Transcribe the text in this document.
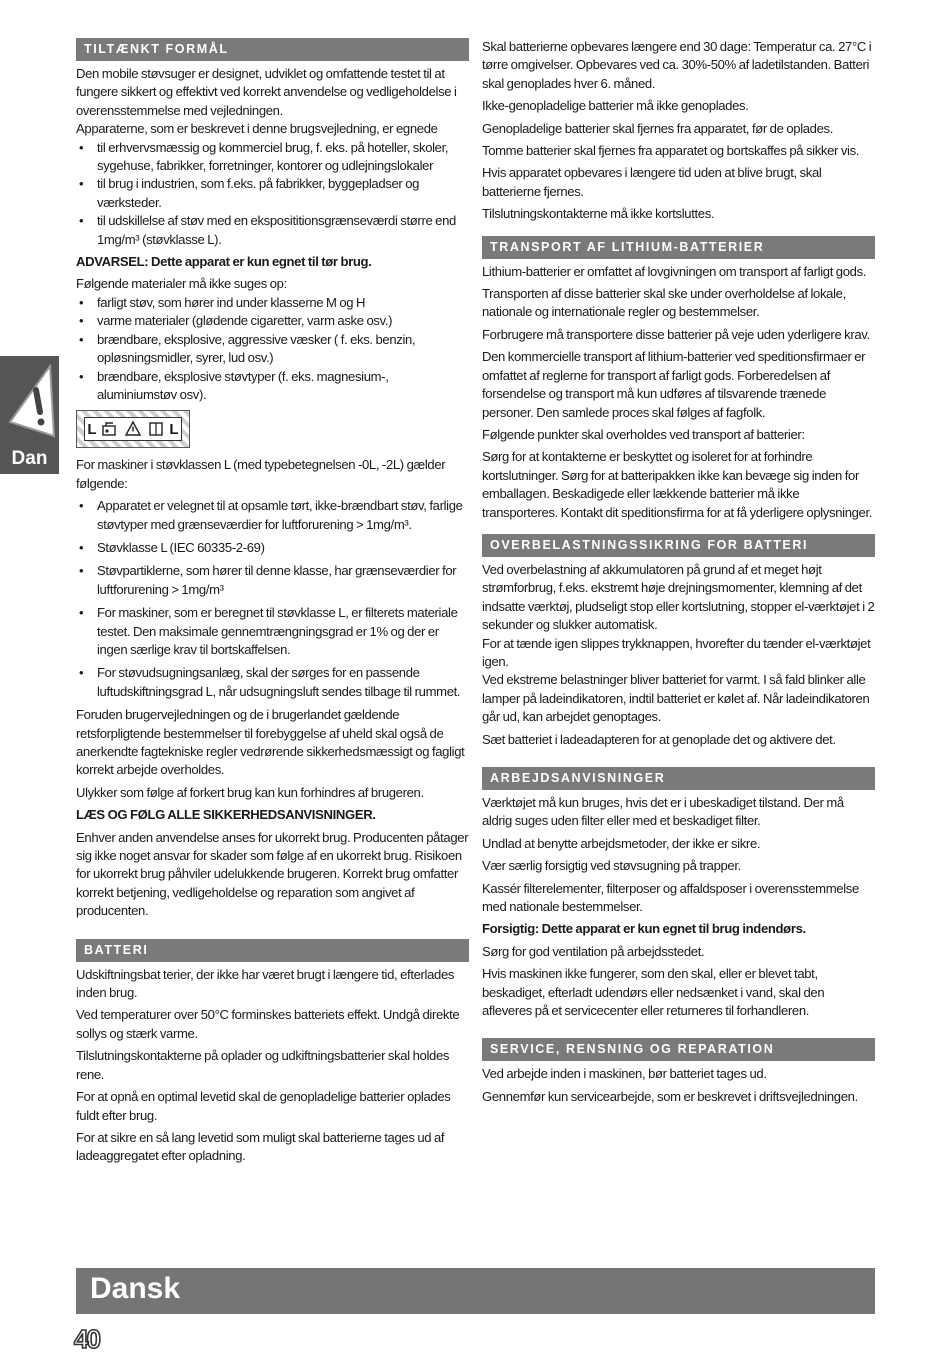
TILTÆNKT FORMÅL

Den mobile støvsuger er designet, udviklet og omfattende testet til at fungere sikkert og effektivt ved korrekt anvendelse og vedligeholdelse i overensstemmelse med vejledningen.

Apparaterne, som er beskrevet i denne brugsvejledning, er egnede

• til erhvervsmæssig og kommerciel brug, f. eks. på hoteller, skoler, sygehuse, fabrikker, forretninger, kontorer og udlejningslokaler
• til brug i industrien, som f.eks. på fabrikker, byggepladser og værksteder.
• til udskillelse af støv med en eksposititionsgrænseværdi større end 1mg/m³ (støvklasse L).

ADVARSEL: Dette apparat er kun egnet til tør brug.

Følgende materialer må ikke suges op:

• farligt støv, som hører ind under klasserne M og H
• varme materialer (glødende cigaretter, varm aske osv.)
• brændbare, eksplosive, aggressive væsker ( f. eks. benzin, opløsningsmidler, syrer, lud osv.)
• brændbare, eksplosive støvtyper (f. eks. magnesium-, aluminiumstøv osv).
L	L

For maskiner i støvklassen L (med typebetegnelsen -0L, -2L) gælder følgende:

• Apparatet er velegnet til at opsamle tørt, ikke-brændbart støv, farlige støvtyper med grænseværdier for luftforurening > 1mg/m³.
• Støvklasse L (IEC 60335-2-69)
• Støvpartiklerne, som hører til denne klasse, har grænseværdier for luftforurening > 1mg/m³
• For maskiner, som er beregnet til støvklasse L, er filterets materiale testet. Den maksimale gennemtrængningsgrad er 1% og der er ingen særlige krav til bortskaffelsen.
• For støvudsugningsanlæg, skal der sørges for en passende luftudskiftningsgrad L, når udsugningsluft sendes tilbage til rummet.

Foruden brugervejledningen og de i brugerlandet gældende retsforpligtende bestemmelser til forebyggelse af uheld skal også de anerkendte fagtekniske regler vedrørende sikkerhedsmæssigt og fagligt korrekt arbejde overholdes.

Ulykker som følge af forkert brug kan kun forhindres af brugeren.

LÆS OG FØLG ALLE SIKKERHEDSANVISNINGER.

Enhver anden anvendelse anses for ukorrekt brug. Producenten påtager sig ikke noget ansvar for skader som følge af en ukorrekt brug. Risikoen for ukorrekt brug påhviler udelukkende brugeren. Korrekt brug omfatter korrekt betjening, vedligeholdelse og reparation som angivet af producenten.

BATTERI

Udskiftningsbat terier, der ikke har været brugt i længere tid, efterlades inden brug.

Ved temperaturer over 50°C forminskes batteriets effekt. Undgå direkte sollys og stærk varme.

Tilslutningskontakterne på oplader og udkiftningsbatterier skal holdes rene.

For at opnå en optimal levetid skal de genopladelige batterier oplades fuldt efter brug.

For at sikre en så lang levetid som muligt skal batterierne tages ud af ladeaggregatet efter opladning.

Skal batterierne opbevares længere end 30 dage: Temperatur ca. 27°C i tørre omgivelser. Opbevares ved ca. 30%-50% af ladetilstanden. Batteri skal genoplades hver 6. måned.

Ikke-genopladelige batterier må ikke genoplades.

Genopladelige batterier skal fjernes fra apparatet, før de oplades.

Tomme batterier skal fjernes fra apparatet og bortskaffes på sikker vis.

Hvis apparatet opbevares i længere tid uden at blive brugt, skal batterierne fjernes.

Tilslutningskontakterne må ikke kortsluttes.

TRANSPORT AF LITHIUM-BATTERIER

Lithium-batterier er omfattet af lovgivningen om transport af farligt gods.

Transporten af disse batterier skal ske under overholdelse af lokale, nationale og internationale regler og bestemmelser.

Forbrugere må transportere disse batterier på veje uden yderligere krav.

Den kommercielle transport af lithium-batterier ved speditionsfirmaer er omfattet af reglerne for transport af farligt gods. Forberedelsen af forsendelse og transport må kun udføres af tilsvarende trænede personer. Den samlede proces skal følges af fagfolk.

Følgende punkter skal overholdes ved transport af batterier:

Sørg for at kontakterne er beskyttet og isoleret for at forhindre kortslutninger. Sørg for at batteripakken ikke kan bevæge sig inden for emballagen. Beskadigede eller lækkende batterier må ikke transporteres. Kontakt dit speditionsfirma for at få yderligere oplysninger.

OVERBELASTNINGSSIKRING FOR BATTERI

Ved overbelastning af akkumulatoren på grund af et meget højt strømforbrug, f.eks. ekstremt høje drejningsmomenter, klemning af det indsatte værktøj, pludseligt stop eller kortslutning, stopper el-værktøjet i 2 sekunder og slukker automatisk.

For at tænde igen slippes trykknappen, hvorefter du tænder el-værktøjet igen.

Ved ekstreme belastninger bliver batteriet for varmt. I så fald blinker alle lamper på ladeindikatoren, indtil batteriet er kølet af. Når ladeindikatoren går ud, kan arbejdet genoptages.

Sæt batteriet i ladeadapteren for at genoplade det og aktivere det.

ARBEJDSANVISNINGER

Værktøjet må kun bruges, hvis det er i ubeskadiget tilstand. Der må aldrig suges uden filter eller med et beskadiget filter.

Undlad at benytte arbejdsmetoder, der ikke er sikre.

Vær særlig forsigtig ved støvsugning på trapper.

Kassér filterelementer, filterposer og affaldsposer i overensstemmelse med nationale bestemmelser.

Forsigtig: Dette apparat er kun egnet til brug indendørs.

Sørg for god ventilation på arbejdsstedet.

Hvis maskinen ikke fungerer, som den skal, eller er blevet tabt, beskadiget, efterladt udendørs eller nedsænket i vand, skal den afleveres på et servicecenter eller returneres til forhandleren.

SERVICE, RENSNING OG REPARATION

Ved arbejde inden i maskinen, bør batteriet tages ud.

Gennemfør kun servicearbejde, som er beskrevet i driftsvejledningen.

Dan
Dansk
40
